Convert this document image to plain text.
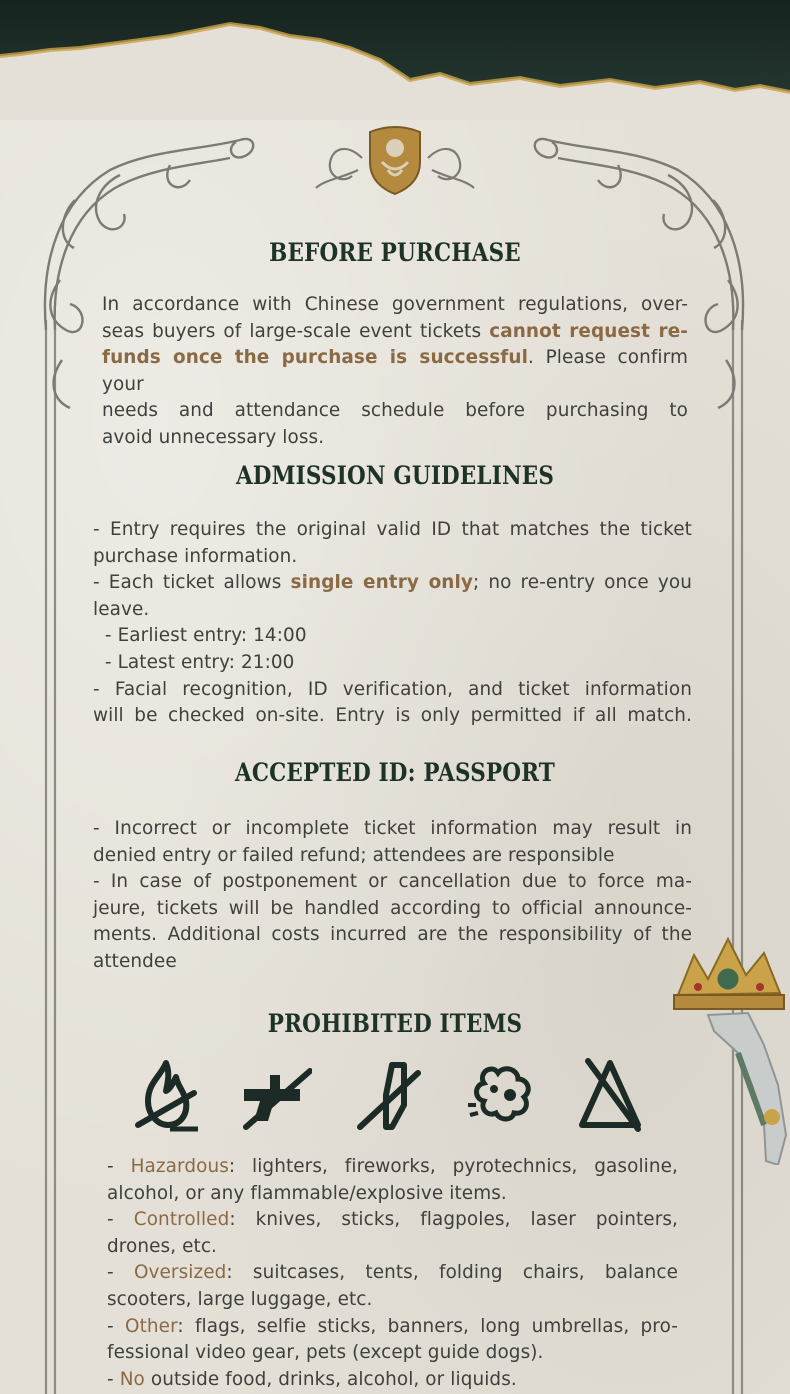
BEFORE PURCHASE
In accordance with Chinese government regulations, over-
seas buyers of large-scale event tickets cannot request re-
funds once the purchase is successful. Please confirm your
needs and attendance schedule before purchasing to
avoid unnecessary loss.
ADMISSION GUIDELINES
- Entry requires the original valid ID that matches the ticket
purchase information.
- Each ticket allows single entry only; no re-entry once you
leave.
- Earliest entry: 14:00
- Latest entry: 21:00
- Facial recognition, ID verification, and ticket information
will be checked on-site. Entry is only permitted if all match.
ACCEPTED ID: PASSPORT
- Incorrect or incomplete ticket information may result in
denied entry or failed refund; attendees are responsible
- In case of postponement or cancellation due to force ma-
jeure, tickets will be handled according to official announce-
ments. Additional costs incurred are the responsibility of the
attendee
PROHIBITED ITEMS
- Hazardous: lighters, fireworks, pyrotechnics, gasoline,
alcohol, or any flammable/explosive items.
- Controlled: knives, sticks, flagpoles, laser pointers,
drones, etc.
- Oversized: suitcases, tents, folding chairs, balance
scooters, large luggage, etc.
- Other: flags, selfie sticks, banners, long umbrellas, pro-
fessional video gear, pets (except guide dogs).
- No outside food, drinks, alcohol, or liquids.
